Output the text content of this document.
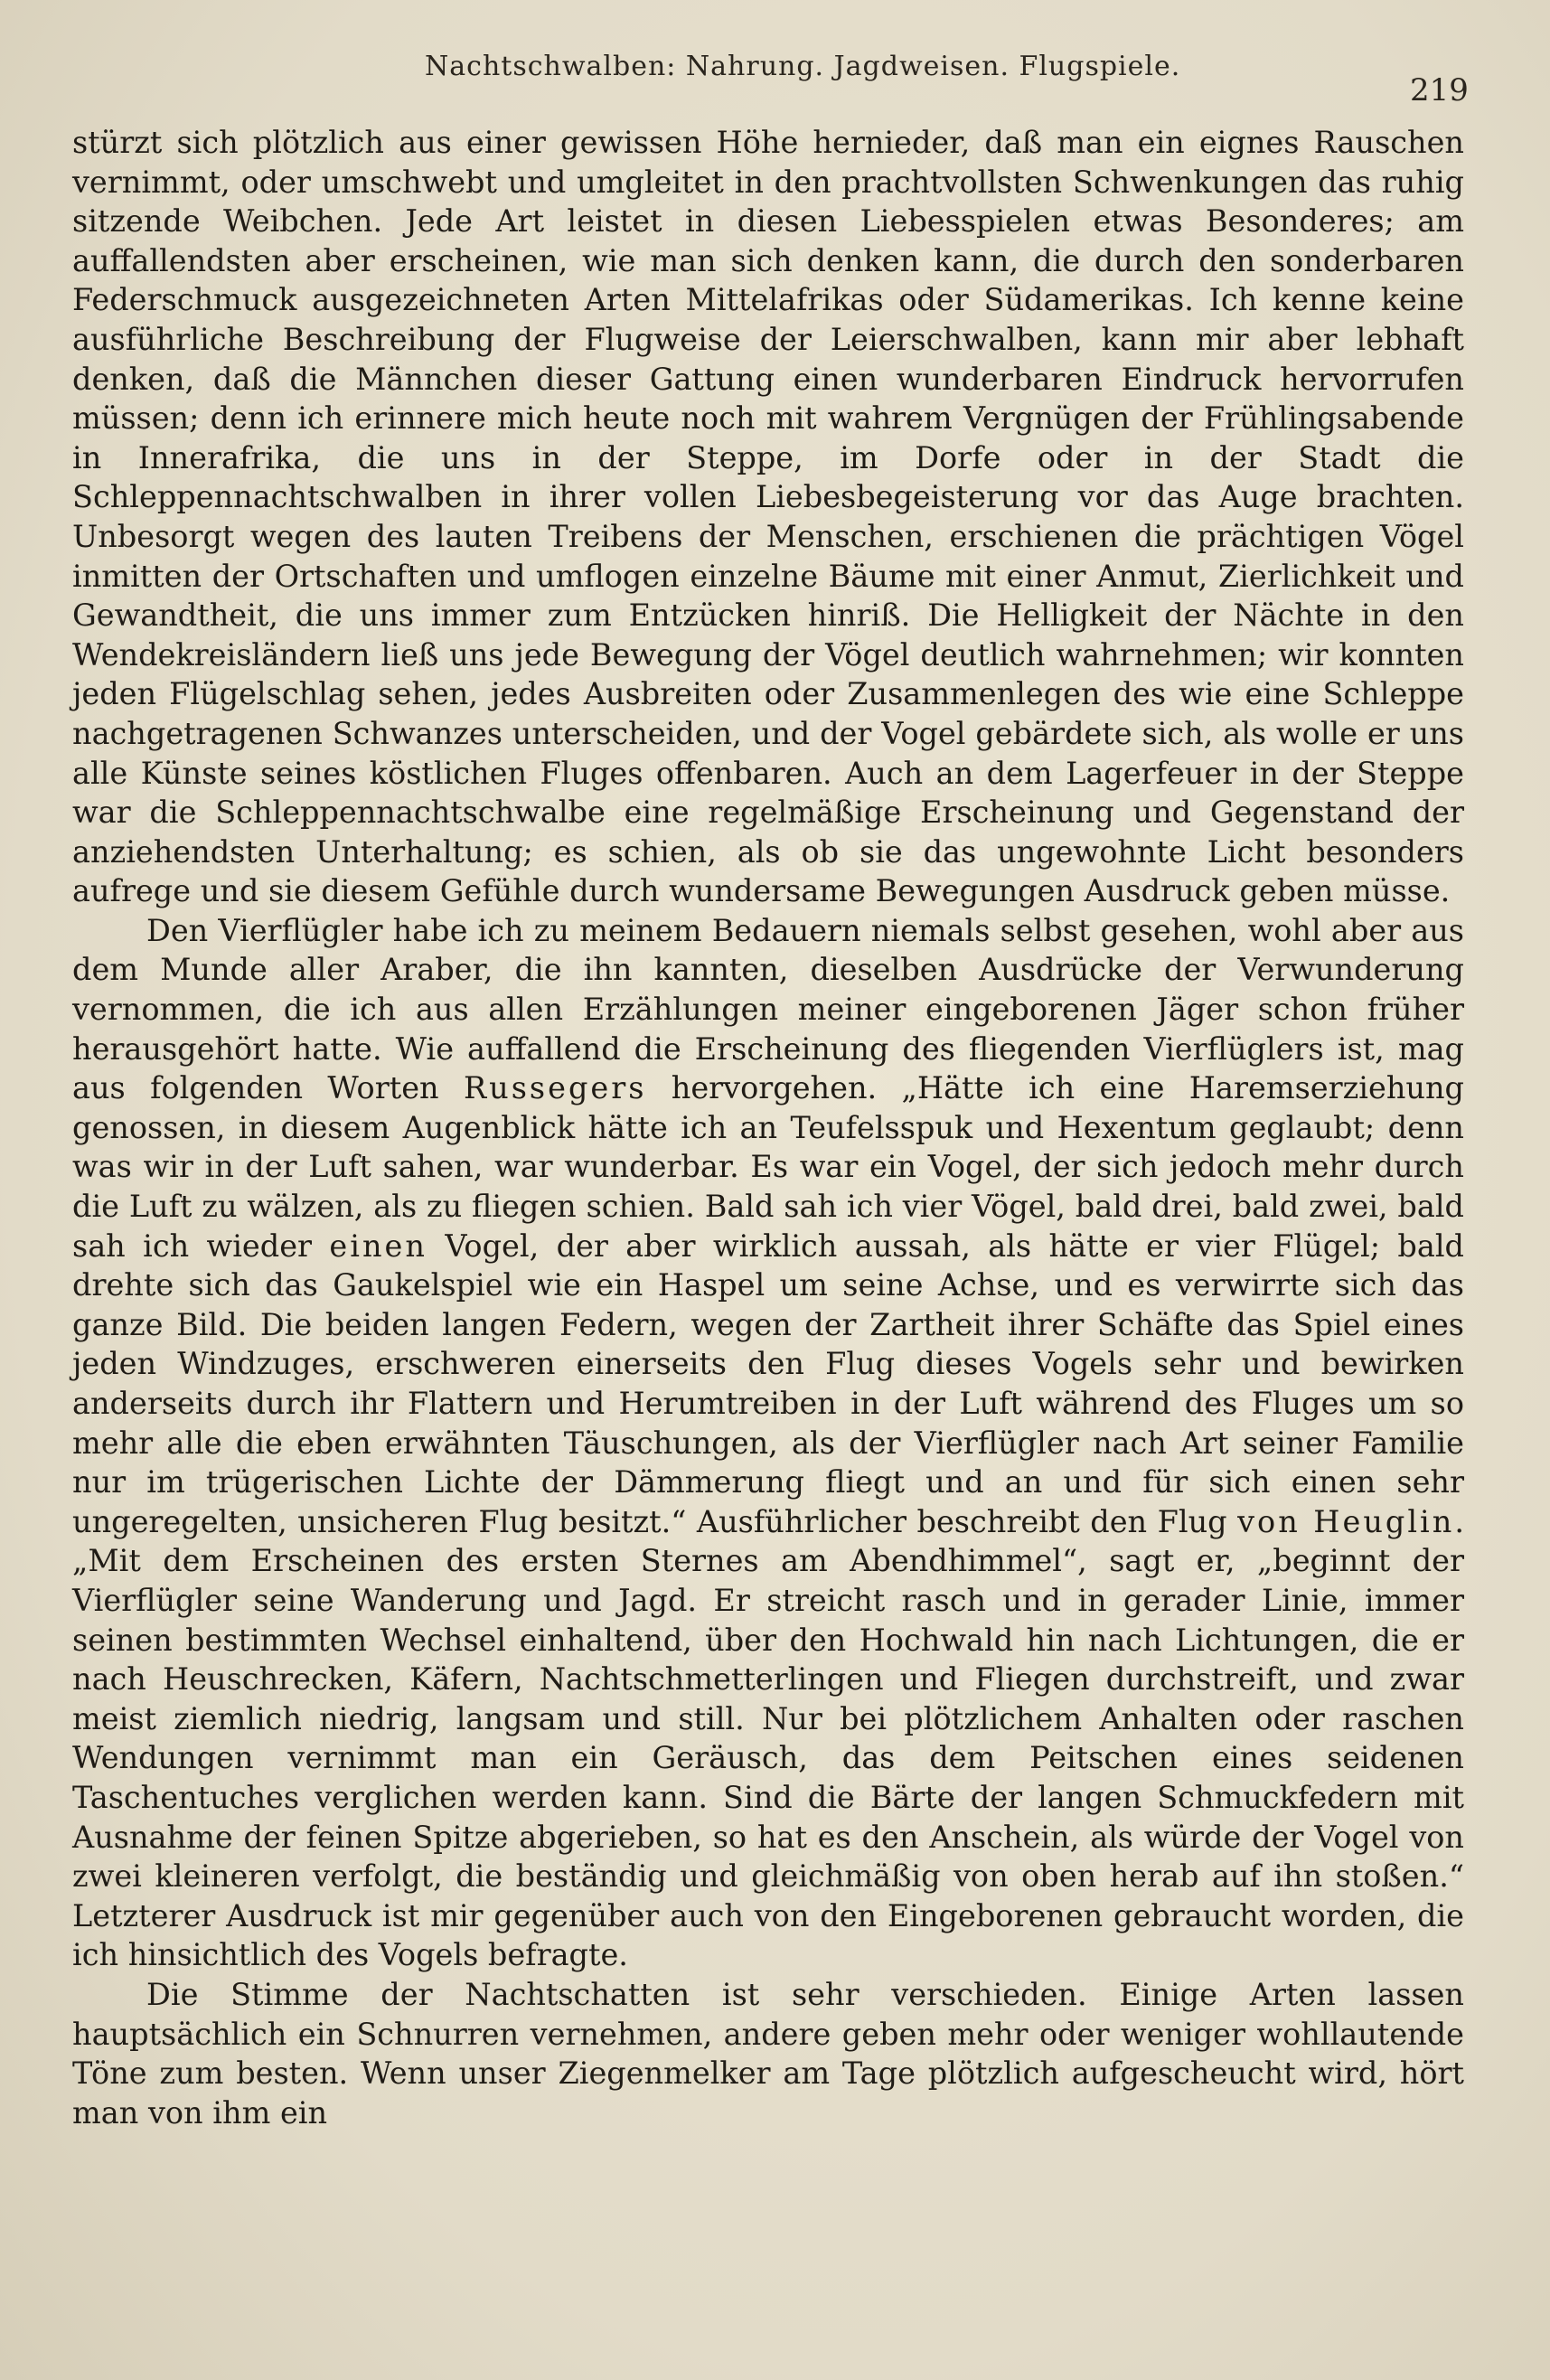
Nachtschwalben: Nahrung. Jagdweisen. Flugspiele.
219

stürzt sich plötzlich aus einer gewissen Höhe hernieder, daß man ein eignes Rauschen vernimmt, oder umschwebt und umgleitet in den prachtvollsten Schwenkungen das ruhig sitzende Weibchen. Jede Art leistet in diesen Liebesspielen etwas Besonderes; am auffallendsten aber erscheinen, wie man sich denken kann, die durch den sonderbaren Federschmuck ausgezeichneten Arten Mittelafrikas oder Südamerikas. Ich kenne keine ausführliche Beschreibung der Flugweise der Leierschwalben, kann mir aber lebhaft denken, daß die Männchen dieser Gattung einen wunderbaren Eindruck hervorrufen müssen; denn ich erinnere mich heute noch mit wahrem Vergnügen der Frühlingsabende in Innerafrika, die uns in der Steppe, im Dorfe oder in der Stadt die Schleppennachtschwalben in ihrer vollen Liebesbegeisterung vor das Auge brachten. Unbesorgt wegen des lauten Treibens der Menschen, erschienen die prächtigen Vögel inmitten der Ortschaften und umflogen einzelne Bäume mit einer Anmut, Zierlichkeit und Gewandtheit, die uns immer zum Entzücken hinriß. Die Helligkeit der Nächte in den Wendekreisländern ließ uns jede Bewegung der Vögel deutlich wahrnehmen; wir konnten jeden Flügelschlag sehen, jedes Ausbreiten oder Zusammenlegen des wie eine Schleppe nachgetragenen Schwanzes unterscheiden, und der Vogel gebärdete sich, als wolle er uns alle Künste seines köstlichen Fluges offenbaren. Auch an dem Lagerfeuer in der Steppe war die Schleppennachtschwalbe eine regelmäßige Erscheinung und Gegenstand der anziehendsten Unterhaltung; es schien, als ob sie das ungewohnte Licht besonders aufrege und sie diesem Gefühle durch wundersame Bewegungen Ausdruck geben müsse.

Den Vierflügler habe ich zu meinem Bedauern niemals selbst gesehen, wohl aber aus dem Munde aller Araber, die ihn kannten, dieselben Ausdrücke der Verwunderung vernommen, die ich aus allen Erzählungen meiner eingeborenen Jäger schon früher herausgehört hatte. Wie auffallend die Erscheinung des fliegenden Vierflüglers ist, mag aus folgenden Worten Russegers hervorgehen. „Hätte ich eine Haremserziehung genossen, in diesem Augenblick hätte ich an Teufelsspuk und Hexentum geglaubt; denn was wir in der Luft sahen, war wunderbar. Es war ein Vogel, der sich jedoch mehr durch die Luft zu wälzen, als zu fliegen schien. Bald sah ich vier Vögel, bald drei, bald zwei, bald sah ich wieder einen Vogel, der aber wirklich aussah, als hätte er vier Flügel; bald drehte sich das Gaukelspiel wie ein Haspel um seine Achse, und es verwirrte sich das ganze Bild. Die beiden langen Federn, wegen der Zartheit ihrer Schäfte das Spiel eines jeden Windzuges, erschweren einerseits den Flug dieses Vogels sehr und bewirken anderseits durch ihr Flattern und Herumtreiben in der Luft während des Fluges um so mehr alle die eben erwähnten Täuschungen, als der Vierflügler nach Art seiner Familie nur im trügerischen Lichte der Dämmerung fliegt und an und für sich einen sehr ungeregelten, unsicheren Flug besitzt.“ Ausführlicher beschreibt den Flug von Heuglin. „Mit dem Erscheinen des ersten Sternes am Abendhimmel“, sagt er, „beginnt der Vierflügler seine Wanderung und Jagd. Er streicht rasch und in gerader Linie, immer seinen bestimmten Wechsel einhaltend, über den Hochwald hin nach Lichtungen, die er nach Heuschrecken, Käfern, Nachtschmetterlingen und Fliegen durchstreift, und zwar meist ziemlich niedrig, langsam und still. Nur bei plötzlichem Anhalten oder raschen Wendungen vernimmt man ein Geräusch, das dem Peitschen eines seidenen Taschentuches verglichen werden kann. Sind die Bärte der langen Schmuckfedern mit Ausnahme der feinen Spitze abgerieben, so hat es den Anschein, als würde der Vogel von zwei kleineren verfolgt, die beständig und gleichmäßig von oben herab auf ihn stoßen.“ Letzterer Ausdruck ist mir gegenüber auch von den Eingeborenen gebraucht worden, die ich hinsichtlich des Vogels befragte.

Die Stimme der Nachtschatten ist sehr verschieden. Einige Arten lassen hauptsächlich ein Schnurren vernehmen, andere geben mehr oder weniger wohllautende Töne zum besten. Wenn unser Ziegenmelker am Tage plötzlich aufgescheucht wird, hört man von ihm ein
